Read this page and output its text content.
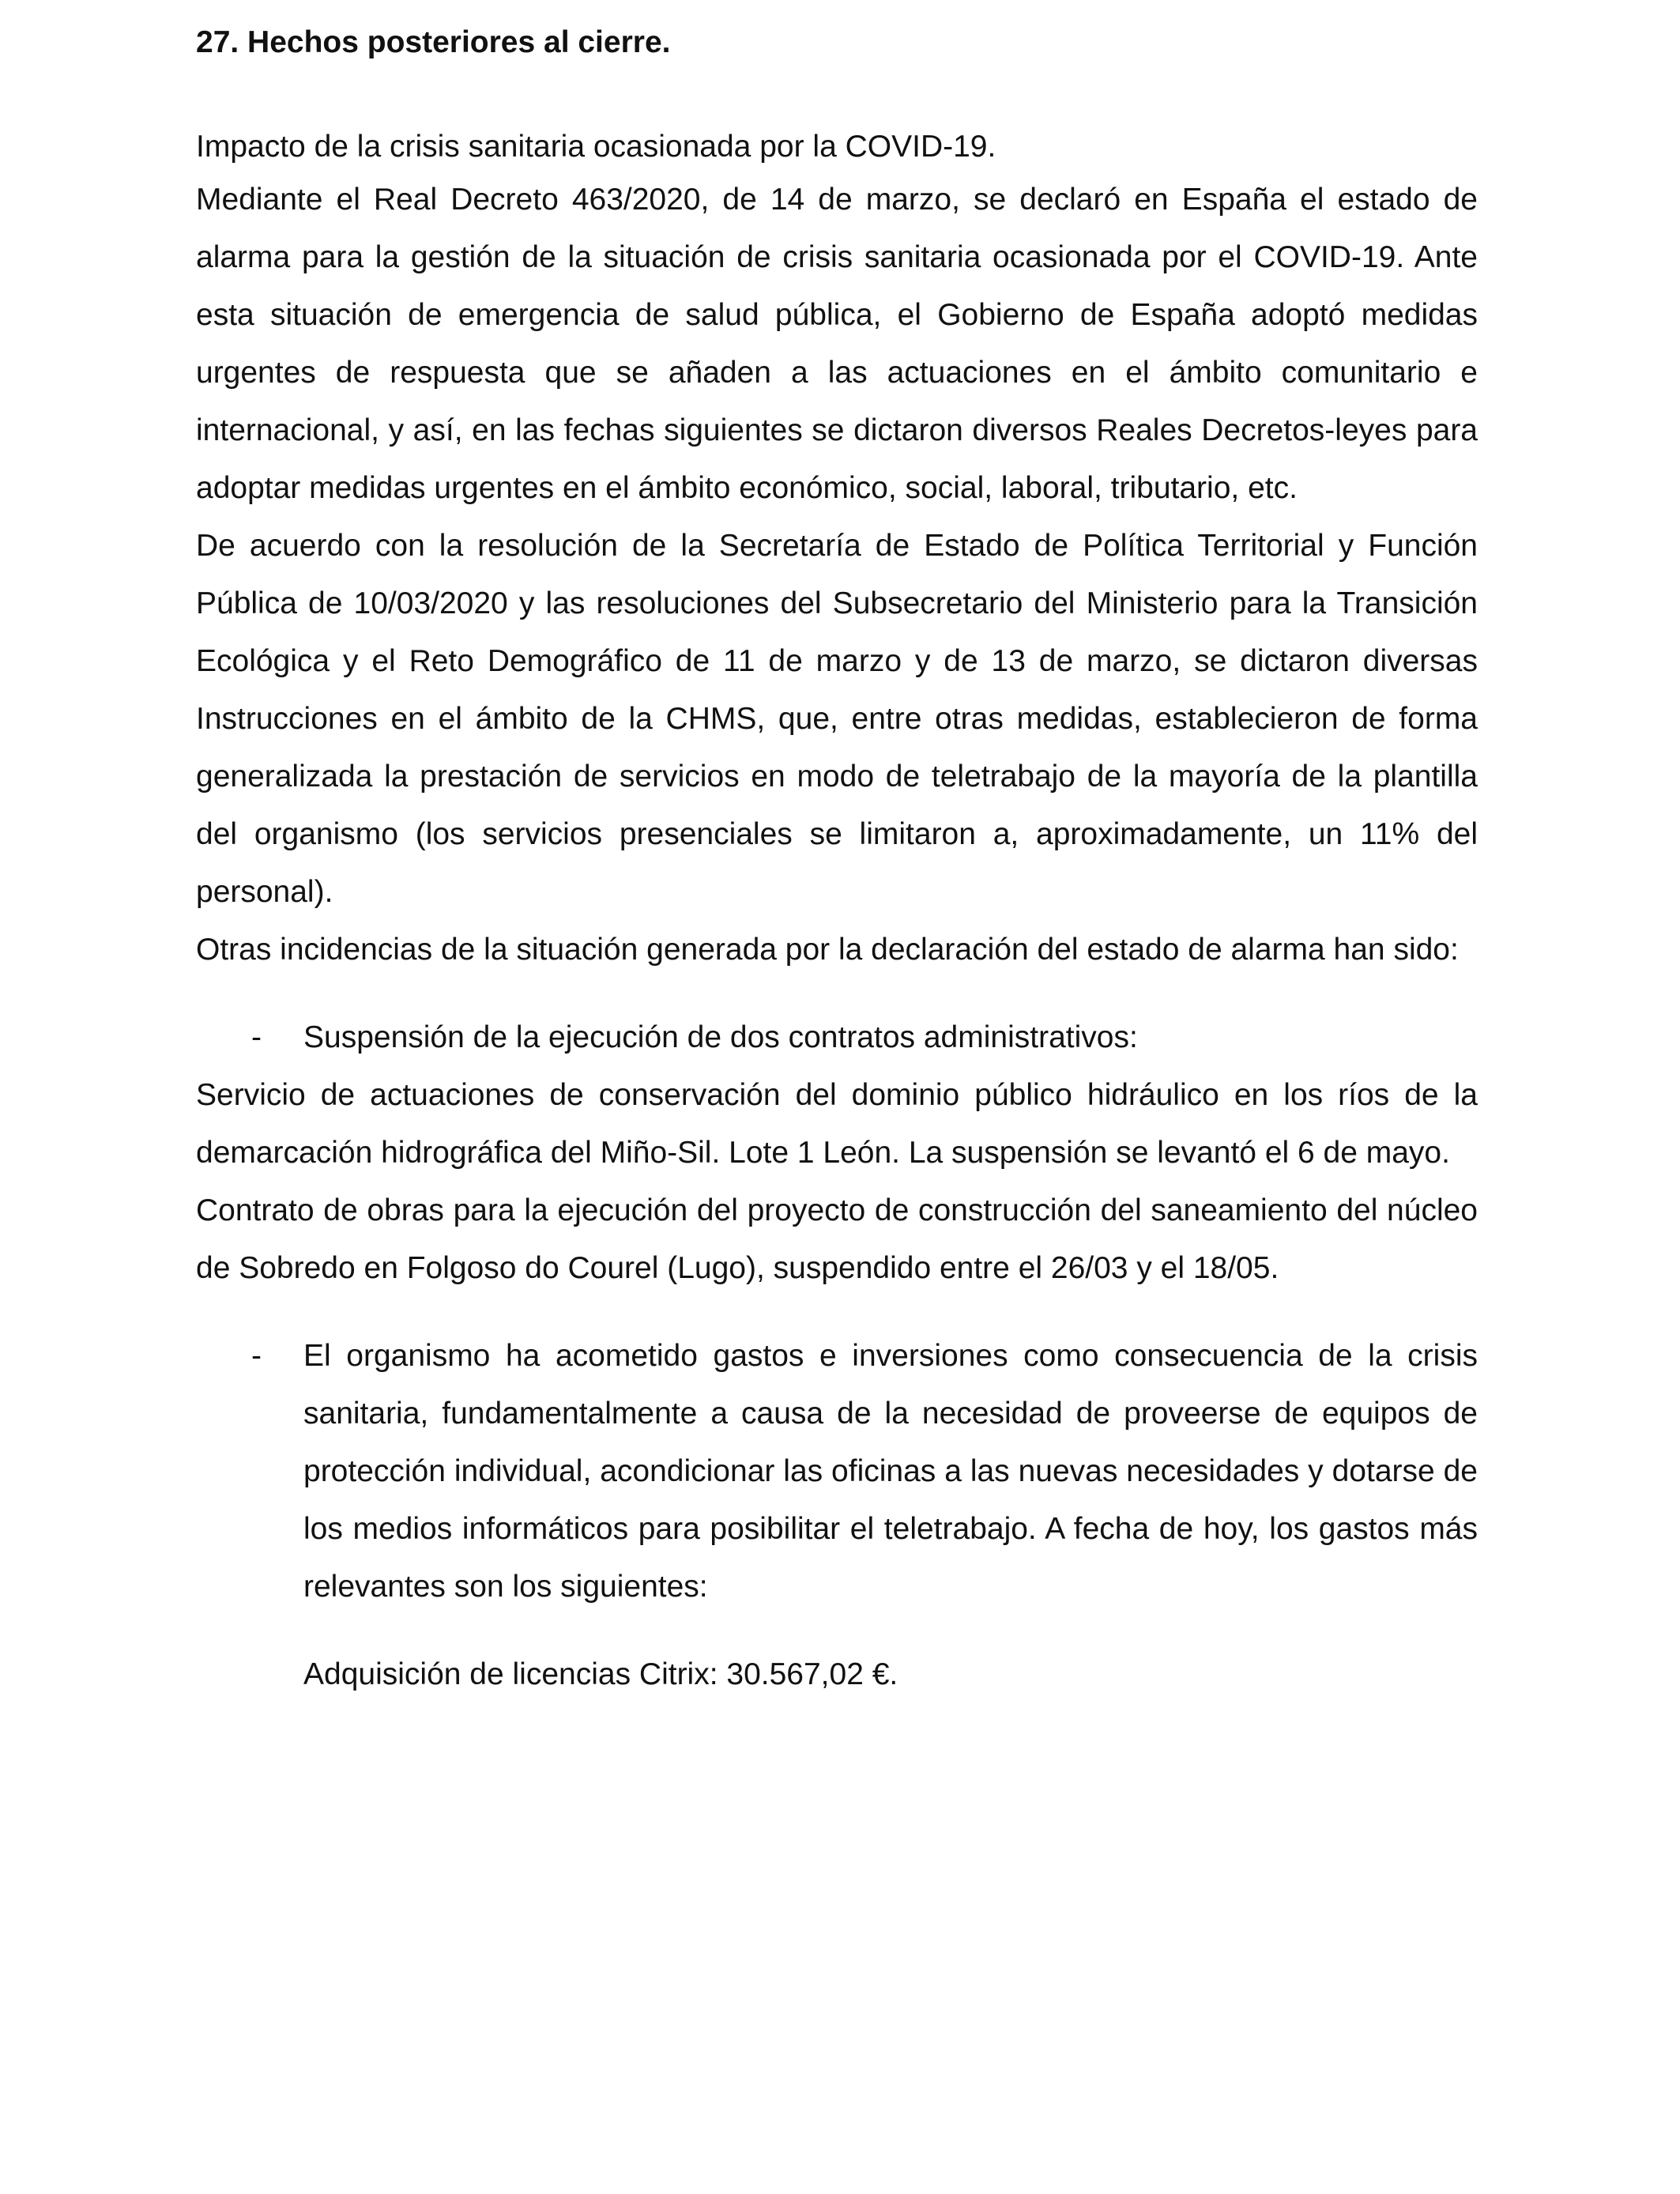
27. Hechos posteriores al cierre.
Impacto de la crisis sanitaria ocasionada por la COVID-19.

Mediante el Real Decreto 463/2020, de 14 de marzo, se declaró en España el estado de alarma para la gestión de la situación de crisis sanitaria ocasionada por el COVID-19. Ante esta situación de emergencia de salud pública, el Gobierno de España adoptó medidas urgentes de respuesta que se añaden a las actuaciones en el ámbito comunitario e internacional, y así, en las fechas siguientes se dictaron diversos Reales Decretos-leyes para adoptar medidas urgentes en el ámbito económico, social, laboral, tributario, etc.

De acuerdo con la resolución de la Secretaría de Estado de Política Territorial y Función Pública de 10/03/2020 y las resoluciones del Subsecretario del Ministerio para la Transición Ecológica y el Reto Demográfico de 11 de marzo y de 13 de marzo, se dictaron diversas Instrucciones en el ámbito de la CHMS, que, entre otras medidas, establecieron de forma generalizada la prestación de servicios en modo de teletrabajo de la mayoría de la plantilla del organismo (los servicios presenciales se limitaron a, aproximadamente, un 11% del personal).

Otras incidencias de la situación generada por la declaración del estado de alarma han sido:

- Suspensión de la ejecución de dos contratos administrativos:

Servicio de actuaciones de conservación del dominio público hidráulico en los ríos de la demarcación hidrográfica del Miño-Sil. Lote 1 León. La suspensión se levantó el 6 de mayo.

Contrato de obras para la ejecución del proyecto de construcción del saneamiento del núcleo de Sobredo en Folgoso do Courel (Lugo), suspendido entre el 26/03 y el 18/05.

- El organismo ha acometido gastos e inversiones como consecuencia de la crisis sanitaria, fundamentalmente a causa de la necesidad de proveerse de equipos de protección individual, acondicionar las oficinas a las nuevas necesidades y dotarse de los medios informáticos para posibilitar el teletrabajo. A fecha de hoy, los gastos más relevantes son los siguientes:

Adquisición de licencias Citrix: 30.567,02 €.
